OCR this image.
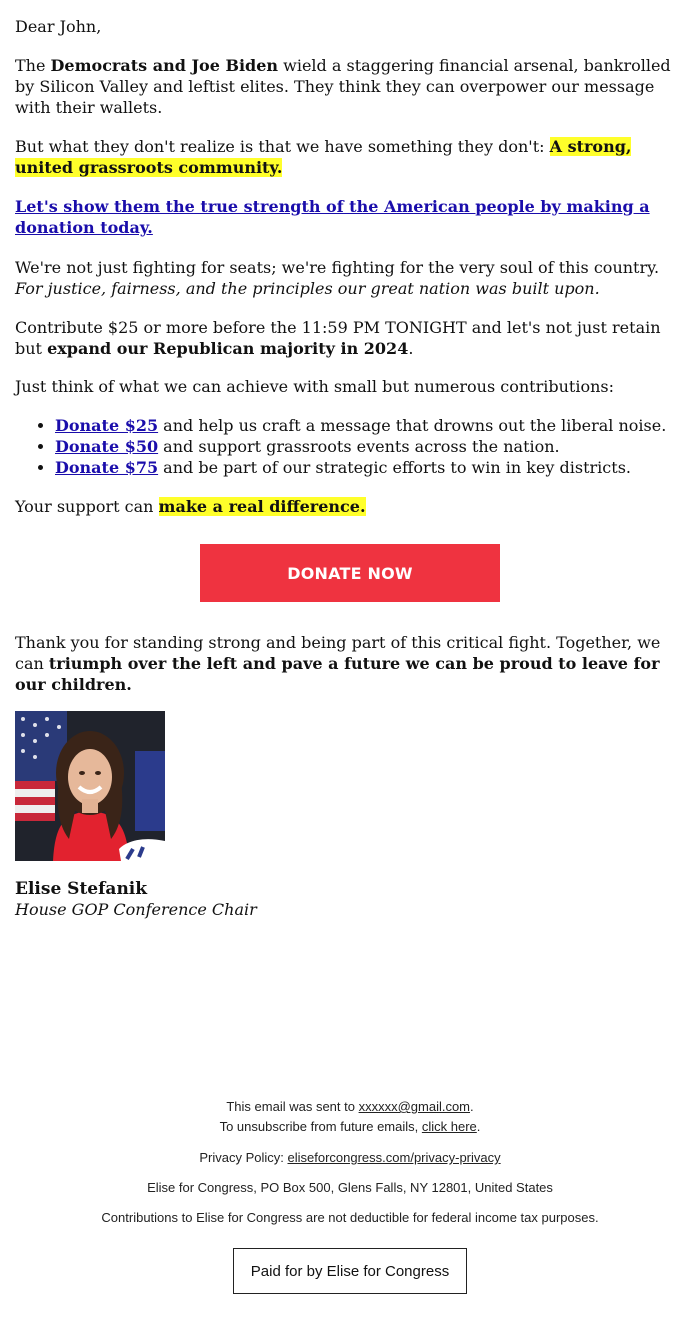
Dear John,

The Democrats and Joe Biden wield a staggering financial arsenal, bankrolled by Silicon Valley and leftist elites. They think they can overpower our message with their wallets.

But what they don't realize is that we have something they don't: A strong, united grassroots community.

Let's show them the true strength of the American people by making a donation today.

We're not just fighting for seats; we're fighting for the very soul of this country. For justice, fairness, and the principles our great nation was built upon.

Contribute $25 or more before the 11:59 PM TONIGHT and let's not just retain but expand our Republican majority in 2024.

Just think of what we can achieve with small but numerous contributions:

• Donate $25 and help us craft a message that drowns out the liberal noise.
• Donate $50 and support grassroots events across the nation.
• Donate $75 and be part of our strategic efforts to win in key districts.

Your support can make a real difference.

DONATE NOW

Thank you for standing strong and being part of this critical fight. Together, we can triumph over the left and pave a future we can be proud to leave for our children.

Elise Stefanik
House GOP Conference Chair
This email was sent to xxxxxx@gmail.com.
To unsubscribe from future emails, click here.
Privacy Policy: eliseforcongress.com/privacy-privacy
Elise for Congress, PO Box 500, Glens Falls, NY 12801, United States
Contributions to Elise for Congress are not deductible for federal income tax purposes.
Paid for by Elise for Congress
